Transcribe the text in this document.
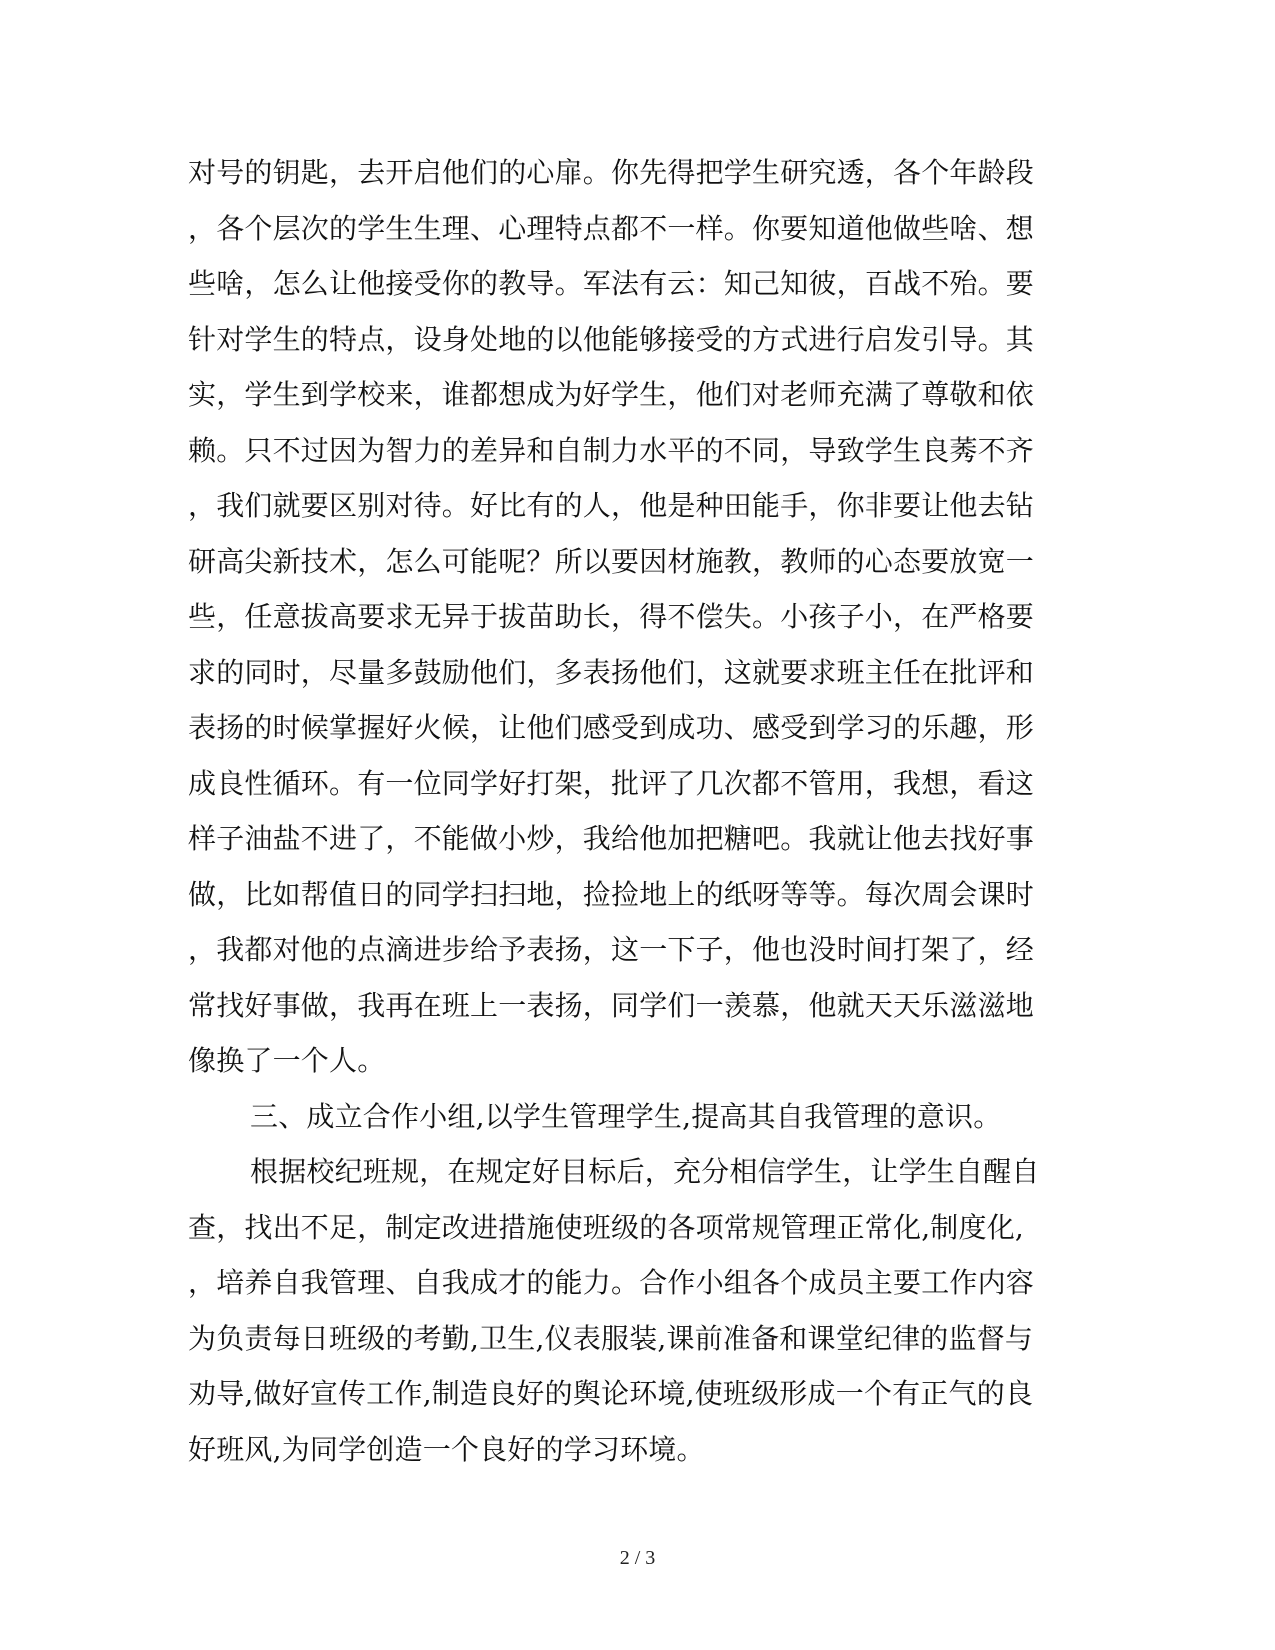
对号的钥匙，去开启他们的心扉。你先得把学生研究透，各个年龄段
，各个层次的学生生理、心理特点都不一样。你要知道他做些啥、想
些啥，怎么让他接受你的教导。军法有云：知己知彼，百战不殆。要
针对学生的特点，设身处地的以他能够接受的方式进行启发引导。其
实，学生到学校来，谁都想成为好学生，他们对老师充满了尊敬和依
赖。只不过因为智力的差异和自制力水平的不同，导致学生良莠不齐
，我们就要区别对待。好比有的人，他是种田能手，你非要让他去钻
研高尖新技术，怎么可能呢？所以要因材施教，教师的心态要放宽一
些，任意拔高要求无异于拔苗助长，得不偿失。小孩子小，在严格要
求的同时，尽量多鼓励他们，多表扬他们，这就要求班主任在批评和
表扬的时候掌握好火候，让他们感受到成功、感受到学习的乐趣，形
成良性循环。有一位同学好打架，批评了几次都不管用，我想，看这
样子油盐不进了，不能做小炒，我给他加把糖吧。我就让他去找好事
做，比如帮值日的同学扫扫地，捡捡地上的纸呀等等。每次周会课时
，我都对他的点滴进步给予表扬，这一下子，他也没时间打架了，经
常找好事做，我再在班上一表扬，同学们一羡慕，他就天天乐滋滋地
像换了一个人。
三、成立合作小组,以学生管理学生,提高其自我管理的意识。
根据校纪班规，在规定好目标后，充分相信学生，让学生自醒自
查，找出不足，制定改进措施使班级的各项常规管理正常化,制度化,
，培养自我管理、自我成才的能力。合作小组各个成员主要工作内容
为负责每日班级的考勤,卫生,仪表服装,课前准备和课堂纪律的监督与
劝导,做好宣传工作,制造良好的舆论环境,使班级形成一个有正气的良
好班风,为同学创造一个良好的学习环境。
2 / 3
